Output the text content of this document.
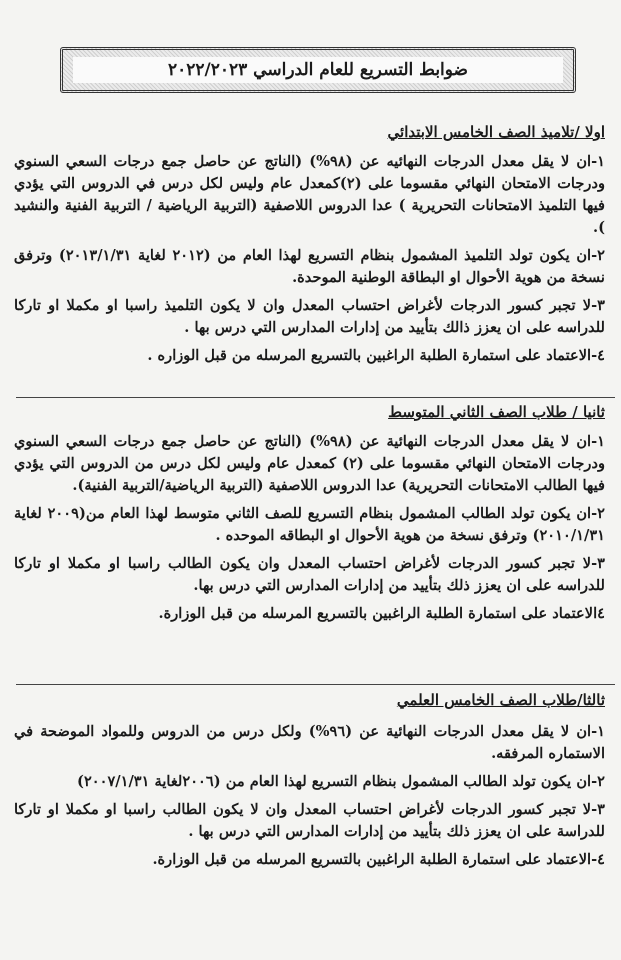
ضوابط التسريع للعام الدراسي ٢٠٢٢/٢٠٢٣
اولا /تلاميذ الصف الخامس الابتدائي

١-ان لا يقل معدل الدرجات النهائيه عن (٩٨%) (الناتج عن حاصل جمع درجات السعي السنوي ودرجات الامتحان النهائي مقسوما على (٢)كمعدل عام وليس لكل درس في الدروس التي يؤدي فيها التلميذ الامتحانات التحريرية ) عدا الدروس اللاصفية (التربية الرياضية / التربية الفنية والنشيد ).

٢-ان يكون تولد التلميذ المشمول بنظام التسريع لهذا العام من (٢٠١٢ لغاية ٢٠١٣/١/٣١) وترفق نسخة من هوية الأحوال او البطاقة الوطنية الموحدة.

٣-لا تجبر كسور الدرجات لأغراض احتساب المعدل وان لا يكون التلميذ راسبا او مكملا او تاركا للدراسه على ان يعزز ذالك بتأييد من إدارات المدارس التي درس بها .

٤-الاعتماد على استمارة الطلبة الراغبين بالتسريع المرسله من قبل الوزاره .

ثانيا / طلاب الصف الثاني المتوسط

١-ان لا يقل معدل الدرجات النهائية عن (٩٨%) (الناتج عن حاصل جمع درجات السعي السنوي ودرجات الامتحان النهائي مقسوما على (٢) كمعدل عام وليس لكل درس من الدروس التي يؤدي فيها الطالب الامتحانات التحريرية) عدا الدروس اللاصفية (التربية الرياضية/التربية الفنية).

٢-ان يكون تولد الطالب المشمول بنظام التسريع للصف الثاني متوسط لهذا العام من(٢٠٠٩ لغاية ٢٠١٠/١/٣١) وترفق نسخة من هوية الأحوال او البطاقه الموحده .

٣-لا تجبر كسور الدرجات لأغراض احتساب المعدل وان يكون الطالب راسبا او مكملا او تاركا للدراسه على ان يعزز ذلك بتأييد من إدارات المدارس التي درس بها.

٤الاعتماد على استمارة الطلبة الراغبين بالتسريع المرسله من قبل الوزارة.

ثالثا/طلاب الصف الخامس العلمي

١-ان لا يقل معدل الدرجات النهائية عن (٩٦%) ولكل درس من الدروس وللمواد الموضحة في الاستماره المرفقه.

٢-ان يكون تولد الطالب المشمول بنظام التسريع لهذا العام من (٢٠٠٦لغاية ٢٠٠٧/١/٣١)

٣-لا تجبر كسور الدرجات لأغراض احتساب المعدل وان لا يكون الطالب راسبا او مكملا او تاركا للدراسة على ان يعزز ذلك بتأييد من إدارات المدارس التي درس بها .

٤-الاعتماد على استمارة الطلبة الراغبين بالتسريع المرسله من قبل الوزارة.
